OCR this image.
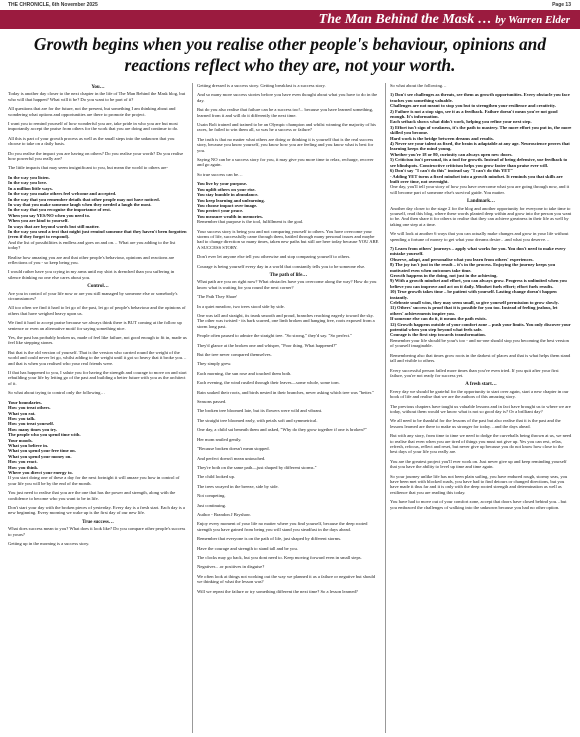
THE CHRONICLE, 6th November 2025	Page 13
The Man Behind the Mask … by Warren Elder
Growth begins when you realise other people's behaviour, opinions and reactions reflect who they are, not your worth.
You…

Today is another day closer to the next chapter in the life of The Man Behind the Mask blog, but who will that happen? What will it be? Do you want to be part of it?

All questions that are for the future, not the present, but something I am thinking about and wondering what options and opportunities are there to promote the project.

I want you to remind yourself of how wonderful you are, take pride in who you are but most importantly accept the praise from others for the work that you are doing and continue to do.

All this is part of your growth process as well as the small steps into the unknown that you choose to take on a daily basis.

Do you realise the impact you are having on others? Do you realise your worth? Do you realise how powerful you really are?

The little impacts that may seem insignificant to you, but mean the world to others are-

In the way you listen.
In the way you love.
In a million little ways.
In the way you make others feel welcome and accepted.
In the way that you remember details that other people may not have noticed.
In way that you make someone laugh when they needed a laugh the most.
In the way that you recognise the importance of rest.
When you say YES/NO when you need to.
When you are kind to yourself.
In ways that are beyond words but still matter.
In the way you send a text that might just remind someone that they haven't been forgotten (even if they forget to respond).

And the list of possibilities is endless and goes on and on… What are you adding to the list today?

Realise how amazing you are and that other people's behaviour, opinions and reactions are reflections of you - so keep being you.

I would rather have you crying in my arms until my shirt is drenched than you suffering in silence thinking no one else cares about you.

Control…

Are you in control of your life now or are you still managed by someone else or somebody's circumstances?

All too often we find it hard to let go of the past, let go of people's behaviour and the opinions of others that have weighed heavy upon us.

We find it hard to accept praise because we always think there is BUT coming at the follow up sentence or even an alternative motif for saying something nice.

Yes, the past has probably broken us, made of feel like failure, not good enough to fit in, made us feel like stepping stones.

But that is the old version of yourself. That is the version who carried round the weight of the world and could never let go, whilst adding to the weight until it got so heavy that it broke you…and that is when you realised who your real friends were.

If that has happened to you, I salute you for having the strength and courage to move on and start rebuilding your life by letting go of the past and building a better future with you as the architect of it.

So what about trying to control only the following…

Your boundaries.
How you treat others.
What you eat.
How you talk.
How you treat yourself.
How many times you try.
The people who you spend time with.
Your moods.
What you believe in.
What you spend your free time on.
What you spend your money on.
How you react.
How you think.
Where you direct your energy to.

If you start doing one of these a day for the next fortnight it will amaze you how in control of your life you will be by the end of the month.

You just need to realise that you are the one that has the power and strength, along with the confidence to become who you want to be in life.

Don't start your day with the broken pieces of yesterday. Every day is a fresh start. Each day is a new beginning. Every morning we wake up is the first day of our new life.

True success…

What does success mean to you? What does it look like? Do you compare other people's success to yours?

Getting up in the morning is a success story.

Getting dressed is a success story. Getting breakfast is a success story.

And so many more success stories before you have even thought about what you have to do in the day.

But do you also realise that failure can be a success too!... because you have learned something, learned from it and will do it differently the next time.

Usain Bolt trained and trained to be an Olympic champion and whilst winning the majority of his races, he failed to win them all, so was he a success or failure?

The truth is that no matter what others are doing or thinking it is yourself that is the real success story, because you know yourself, you know how you are feeling and you know what is best for you.

Saying NO can be a success story for you, it may give you more time to relax, recharge, recover and go again.

So true success can be…

You live by your purpose.
You uplift others on your rise.
You stay humble in abundance.
You keep learning and unlearning.
You choose impact over image.
You protect your peace.
You measure wealth in memories.

Remember that purpose is the tool, fulfillment is the goal.

Your success story is being you and not comparing yourself to others. You have overcome your storms of life, successfully came through them, battled through many personal issues and maybe had to change direction so many times, taken new paths but still are here today because YOU ARE A SUCCESS STORY.

Don't ever let anyone else tell you otherwise and stop comparing yourself to others.

Courage is being yourself every day in a world that constantly tells you to be someone else.

The path of life…

What path are you on right now? What obstacles have you overcome along the way? How do you know what is waiting for you round the next corner?

'The Path They Share'

In a quiet meadow, two trees stood side by side.

One was tall and straight, its trunk smooth and proud, branches reaching eagerly toward the sky. The other was twisted - its bark scarred, one limb broken and hanging free, roots exposed from a storm long past.

People often paused to admire the straight tree. "So strong," they'd say. "So perfect."

They'd glance at the broken one and whisper, "Poor thing. What happened?"

But the tree never compared themselves.

They simply grew.

Each morning, the sun rose and touched them both.

Each evening, the wind rustled through their leaves—some whole, some torn.

Rain soaked their roots, and birds nested in their branches, never asking which tree was "better."

Seasons passed.

The broken tree bloomed late, but its flowers were wild and vibrant.

The straight tree bloomed early, with petals soft and symmetrical.

One day, a child sat beneath them and asked, "Why do they grow together if one is broken?"

Her mom smiled gently.

"Because broken doesn't mean stopped.

And perfect doesn't mean untouched.

They're both on the same path—just shaped by different storms."

The child looked up.

The trees swayed in the breeze, side by side.

Not competing.

Just continuing.

Author - Brandon J Bryshaw.

Enjoy every moment of your life no matter where you find yourself, because the deep rooted strength you have gained from being you will stand you steadfast in the days ahead.

Remember that everyone is on the path of life, just shaped by different storms.

Have the courage and strength to stand tall and be you.

The clocks may go back, but you dont need to. Keep moving forward even in small steps.

Negatives…or positives in disguise?

We often look at things not working out the way we planned it as a failure or negative but should we thinking of what the lesson was?

Will we repeat the failure or try something different the next time? So a lesson learned?

So what about the following…

1) Don't see challenges as threats, see them as growth opportunities. Every obstacle you face teaches you something valuable.
Challenges are not meant to stop you but to strengthen your resilience and creativity.
2) Failure is not a stop sign, see it as a feedback. Failure doesn't mean you're not good enough. It's information.
Each setback shows what didn't work, helping you refine your next step.
3) Effort isn't sign of weakness, it's the path to mastery. The more effort you put in, the more skilled you become.
Hard work is the bridge between dreams and results.
4) Never see your talent as fixed, the brain is adaptable at any age. Neuroscience proves that learning keeps the mind young.
Whether you're 18 or 80, curiosity can always open new doors.
5) Criticism isn't personal, its a tool for growth. Instead of being defensive, use feedback to see blindspots. Constructive criticism helps you grow faster than praise ever will.
6) Don't say "I can't do this" instead say "I can't do this YET"
- Adding YET turns a fixed mindset into a growth mindset. It reminds you that skills are built over time, not overnight.

One day, you'll tell your story of how you have overcome what you are going through now, and it will become part of someone else's survival guide. You matter.

Landmark…

Another day closer to the stage 2 for the blog and another opportunity for everyone to take time to yourself, read this blog, where these words planted deep within and grow into the person you want to be. And then share it for others to realise that they can achieve greatness in their life as well by taking one step at a time.

We will look at another 6 ways that you can actually make changes and grow in your life without spending a fortune of money to get what your dreams desire…and what you deserve…

7) Learn from others' journeys – apply what works for you. You don't need to make every mistake yourself.
Observe, adapt, and personalise what you learn from others' experiences.
8) The joy isn't just in the result – it's in the process. Enjoying the journey keeps you motivated even when outcomes take time.
Growth happens in the doing, not just in the achieving.
9) With a growth mindset and effort, you can always grow. Progress is unlimited when you believe you can improve and act on it daily. Mindset fuels effort; effort fuels results.
10) True growth takes time – be patient with yourself. Lasting change doesn't happen instantly.
Celebrate small wins, they may seem small, so give yourself permission to grow slowly.
11) Others' success is proof that it is possible for you too. Instead of feeling jealous, let others' achievements inspire you.
If someone else can do it, it means the path exists.
12) Growth happens outside of your comfort zone – push your limits. You only discover your potential when you step beyond what feels safe.
Courage is the first step towards transformation.

Remember your life should be your's too - and no-one should stop you becoming the best version of yourself imaginable.

Remembering also that times grow roots in the darkest of places and that is what helps them stand tall and visible to others.

Every successful person failed more times than you've even tried. If you quit after your first failure, you're not ready for success yet.

A fresh start…

Every day we should be grateful for the opportunity to start over again, start a new chapter in our book of life and realise that we are the authors of this amazing story.

The previous chapters have taught us valuable lessons and in fact have brought us to where we are today, without them would we know what is not so good day is? Or a brilliant day?

We all need to be thankful for the lessons of the past but also realise that it is the past and the lessons learned are there to make us stronger for today…and the days ahead.

But with any story, from time to time we need to dodge the curveballs being thrown at us, we need to realise that even when you are tired of things you must not give up. Yes you can rest, relax, refresh, refocus, reflect and reset, but never give up because you do not know how close to the best days of your life you really are.

You are the greatest project you'll ever work on. Just never give up and keep reminding yourself that you have the ability to level up time and time again.

So your journey unlike life has not been plain sailing, you have endured rough, stormy seas, you have been met with blocked roads, you have had to find detours or changed directions, but you have made it thus far and it is only with the deep rooted strength and determination as well as resilience that you are reading this today.

You have had to move out of your comfort zone, accept that doors have closed behind you…but you embraced the challenges of walking into the unknown because you had no other option.
